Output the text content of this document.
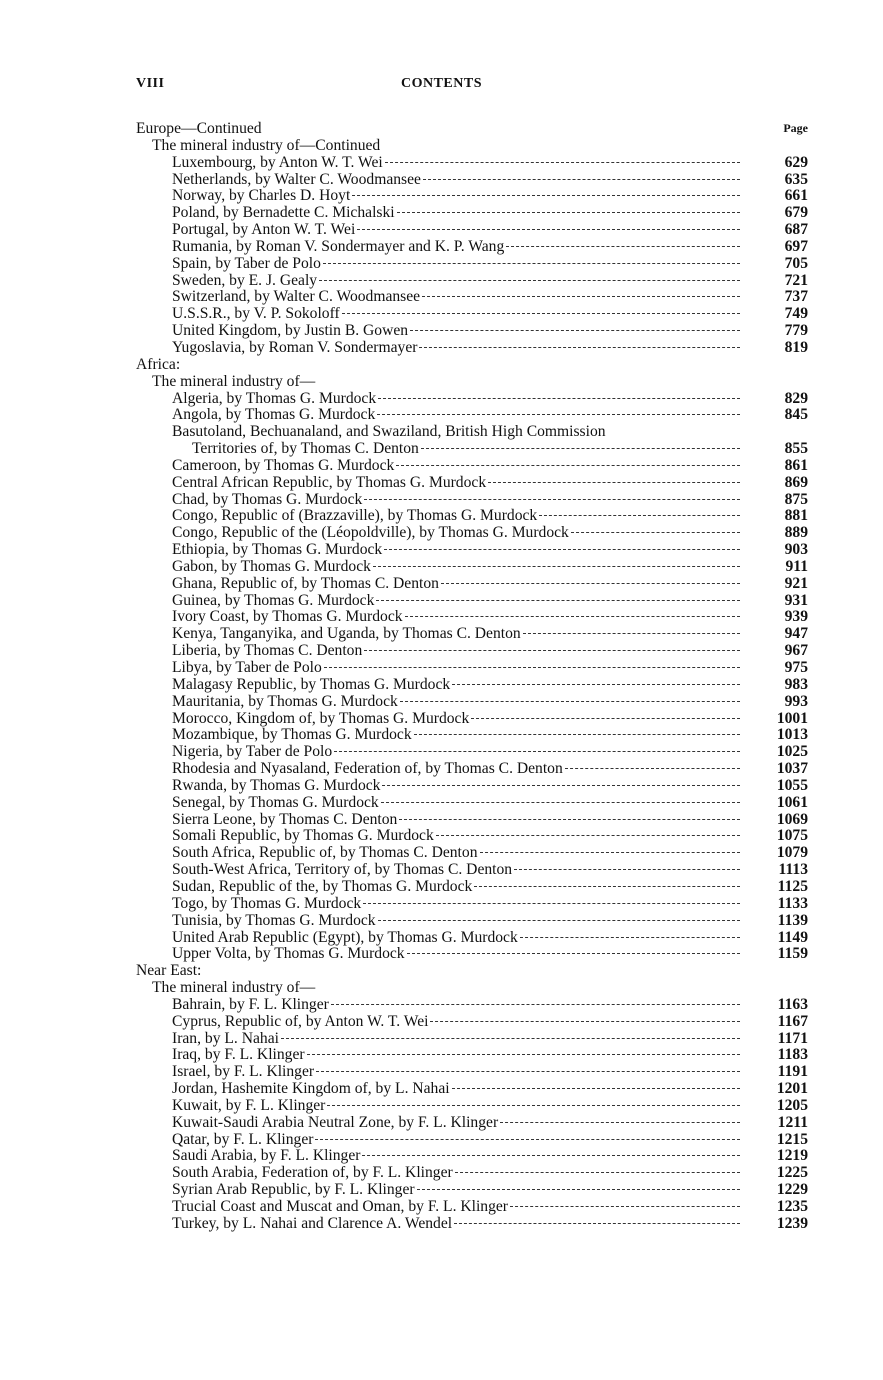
VIII	CONTENTS
Page
Europe—Continued
The mineral industry of—Continued
Luxembourg, by Anton W. T. Wei	629
Netherlands, by Walter C. Woodmansee	635
Norway, by Charles D. Hoyt	661
Poland, by Bernadette C. Michalski	679
Portugal, by Anton W. T. Wei	687
Rumania, by Roman V. Sondermayer and K. P. Wang	697
Spain, by Taber de Polo	705
Sweden, by E. J. Gealy	721
Switzerland, by Walter C. Woodmansee	737
U.S.S.R., by V. P. Sokoloff	749
United Kingdom, by Justin B. Gowen	779
Yugoslavia, by Roman V. Sondermayer	819
Africa:
The mineral industry of—
Algeria, by Thomas G. Murdock	829
Angola, by Thomas G. Murdock	845
Basutoland, Bechuanaland, and Swaziland, British High Commission
Territories of, by Thomas C. Denton	855
Cameroon, by Thomas G. Murdock	861
Central African Republic, by Thomas G. Murdock	869
Chad, by Thomas G. Murdock	875
Congo, Republic of (Brazzaville), by Thomas G. Murdock	881
Congo, Republic of the (Léopoldville), by Thomas G. Murdock	889
Ethiopia, by Thomas G. Murdock	903
Gabon, by Thomas G. Murdock	911
Ghana, Republic of, by Thomas C. Denton	921
Guinea, by Thomas G. Murdock	931
Ivory Coast, by Thomas G. Murdock	939
Kenya, Tanganyika, and Uganda, by Thomas C. Denton	947
Liberia, by Thomas C. Denton	967
Libya, by Taber de Polo	975
Malagasy Republic, by Thomas G. Murdock	983
Mauritania, by Thomas G. Murdock	993
Morocco, Kingdom of, by Thomas G. Murdock	1001
Mozambique, by Thomas G. Murdock	1013
Nigeria, by Taber de Polo	1025
Rhodesia and Nyasaland, Federation of, by Thomas C. Denton	1037
Rwanda, by Thomas G. Murdock	1055
Senegal, by Thomas G. Murdock	1061
Sierra Leone, by Thomas C. Denton	1069
Somali Republic, by Thomas G. Murdock	1075
South Africa, Republic of, by Thomas C. Denton	1079
South-West Africa, Territory of, by Thomas C. Denton	1113
Sudan, Republic of the, by Thomas G. Murdock	1125
Togo, by Thomas G. Murdock	1133
Tunisia, by Thomas G. Murdock	1139
United Arab Republic (Egypt), by Thomas G. Murdock	1149
Upper Volta, by Thomas G. Murdock	1159
Near East:
The mineral industry of—
Bahrain, by F. L. Klinger	1163
Cyprus, Republic of, by Anton W. T. Wei	1167
Iran, by L. Nahai	1171
Iraq, by F. L. Klinger	1183
Israel, by F. L. Klinger	1191
Jordan, Hashemite Kingdom of, by L. Nahai	1201
Kuwait, by F. L. Klinger	1205
Kuwait-Saudi Arabia Neutral Zone, by F. L. Klinger	1211
Qatar, by F. L. Klinger	1215
Saudi Arabia, by F. L. Klinger	1219
South Arabia, Federation of, by F. L. Klinger	1225
Syrian Arab Republic, by F. L. Klinger	1229
Trucial Coast and Muscat and Oman, by F. L. Klinger	1235
Turkey, by L. Nahai and Clarence A. Wendel	1239
